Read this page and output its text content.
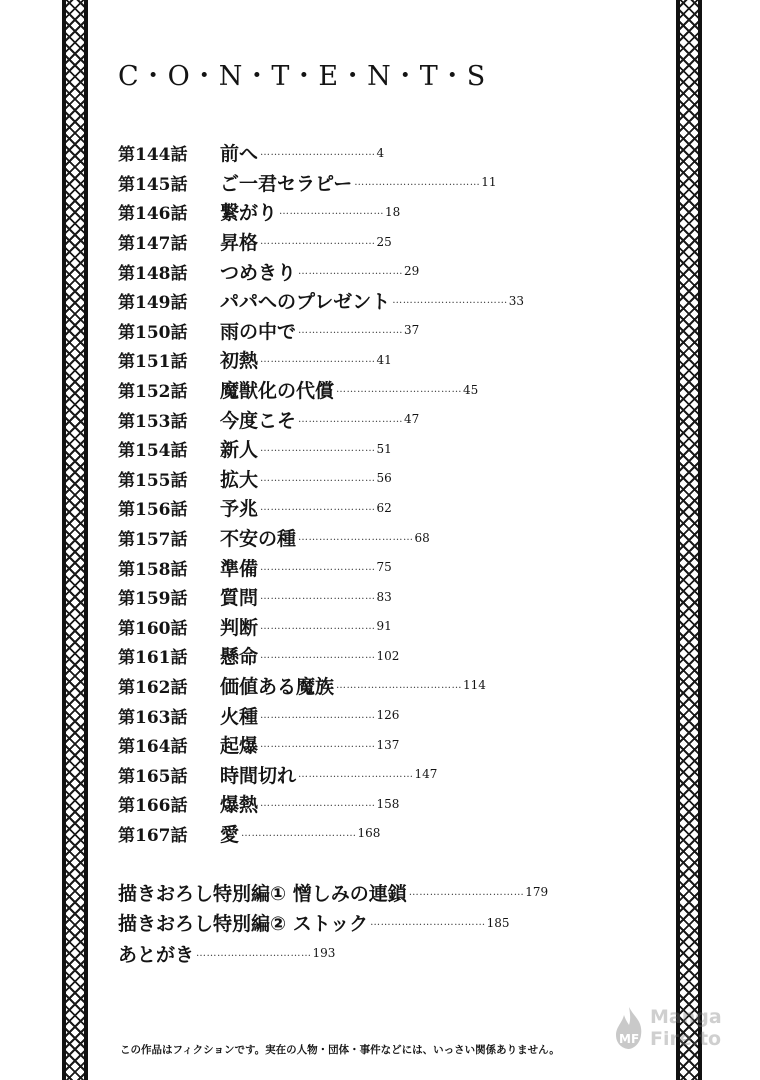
C・O・N・T・E・N・T・S
第144話	前へ …………………………… 4
第145話	ご一君セラピー ……………………………… 11
第146話	繋がり ………………………… 18
第147話	昇格 …………………………… 25
第148話	つめきり ………………………… 29
第149話	パパへのプレゼント …………………………… 33
第150話	雨の中で ………………………… 37
第151話	初熱 …………………………… 41
第152話	魔獣化の代償 ……………………………… 45
第153話	今度こそ ………………………… 47
第154話	新人 …………………………… 51
第155話	拡大 …………………………… 56
第156話	予兆 …………………………… 62
第157話	不安の種 …………………………… 68
第158話	準備 …………………………… 75
第159話	質問 …………………………… 83
第160話	判断 …………………………… 91
第161話	懸命 …………………………… 102
第162話	価値ある魔族 ……………………………… 114
第163話	火種 …………………………… 126
第164話	起爆 …………………………… 137
第165話	時間切れ …………………………… 147
第166話	爆熱 …………………………… 158
第167話	愛 …………………………… 168
描きおろし特別編① 憎しみの連鎖 …………………………… 179
描きおろし特別編② ストック …………………………… 185
あとがき …………………………… 193
この作品はフィクションです。実在の人物・団体・事件などには、いっさい関係ありません。
MF
Manga
Fire.to
